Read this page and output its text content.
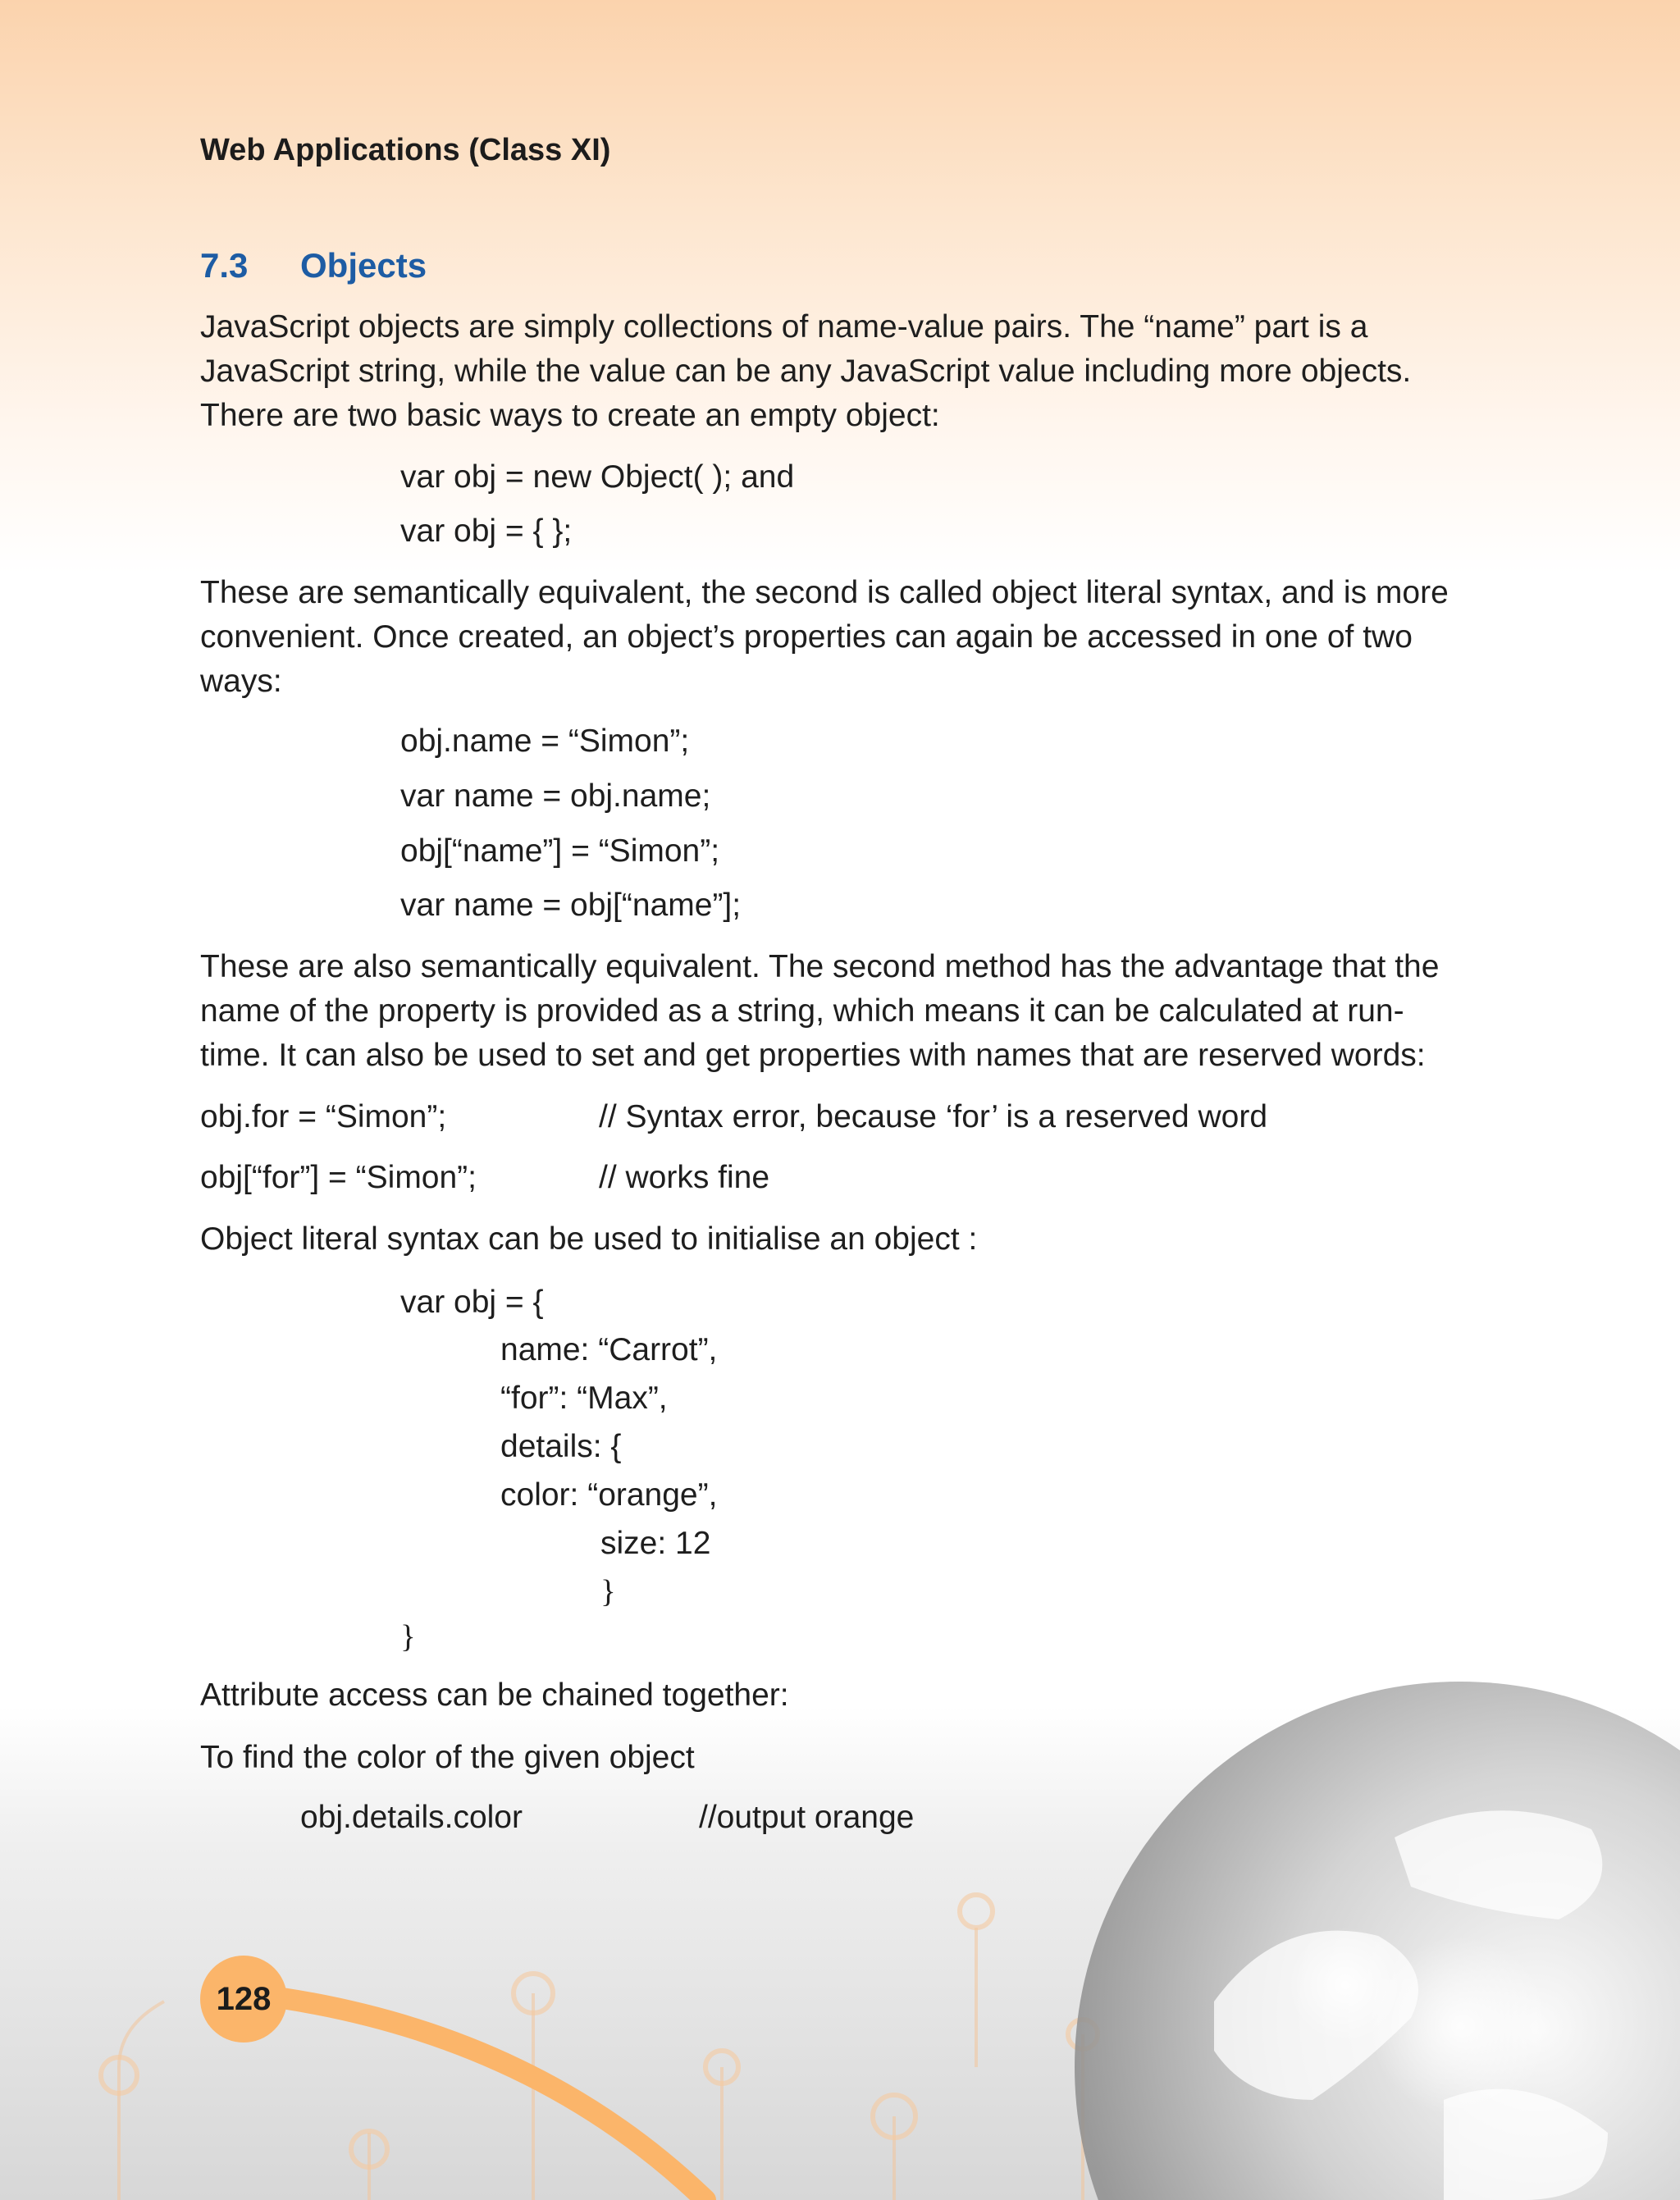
Web Applications (Class XI)
7.3 Objects
JavaScript objects are simply collections of name-value pairs. The “name” part is a
JavaScript string, while the value can be any JavaScript value including more objects.
There are two basic ways to create an empty object:
var obj = new Object( ); and
var obj = { };
These are semantically equivalent, the second is called object literal syntax, and is more
convenient. Once created, an object’s properties can again be accessed in one of two
ways:
obj.name = “Simon”;
var name = obj.name;
obj[“name”] = “Simon”;
var name = obj[“name”];
These are also semantically equivalent. The second method has the advantage that the
name of the property is provided as a string, which means it can be calculated at run-
time. It can also be used to set and get properties with names that are reserved words:
obj.for = “Simon”;	// Syntax error, because ‘for’ is a reserved word
obj[“for”] = “Simon”;	// works fine
Object literal syntax can be used to initialise an object :
var obj = {
name: “Carrot”,
“for”: “Max”,
details: {
color: “orange”,
size: 12
}
}
Attribute access can be chained together:
To find the color of the given object
obj.details.color	//output orange
128
